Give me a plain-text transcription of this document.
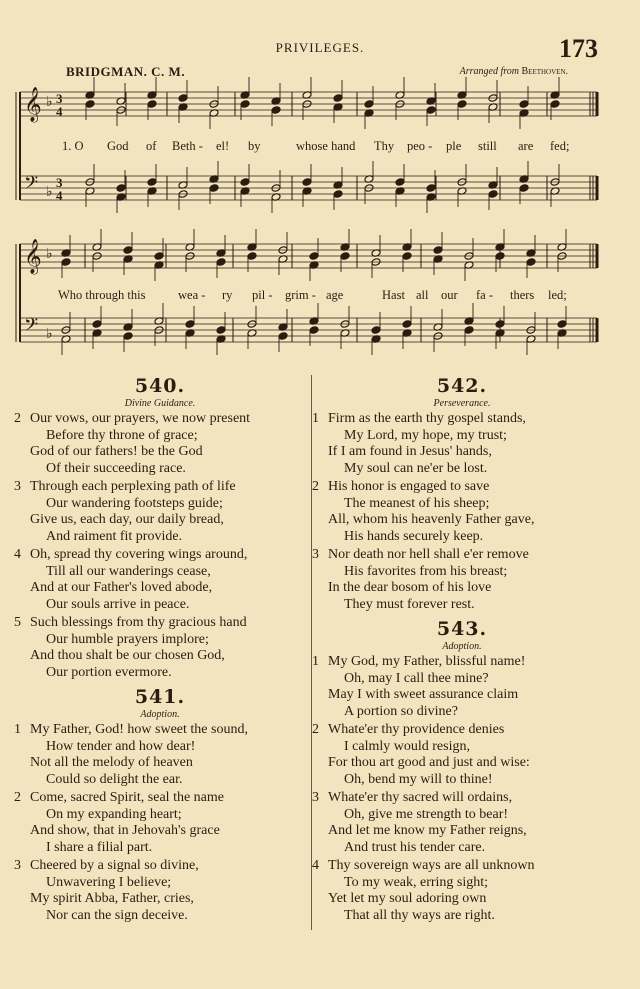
PRIVILEGES.	173
BRIDGMAN. C. M.	Arranged from Beethoven.
𝄞 ♭ 3
4
𝄢 ♭
3
4
𝄞 ♭
𝄢 ♭
1. O God of Beth - el! by	whose hand Thy peo - ple still are fed;
Who through this	wea - ry pil - grim - age	Hast all our fa - thers led;
540.
Divine Guidance.
2 Our vows, our prayers, we now present
Before thy throne of grace;
God of our fathers! be the God
Of their succeeding race.
3 Through each perplexing path of life
Our wandering footsteps guide;
Give us, each day, our daily bread,
And raiment fit provide.
4 Oh, spread thy covering wings around,
Till all our wanderings cease,
And at our Father's loved abode,
Our souls arrive in peace.
5 Such blessings from thy gracious hand
Our humble prayers implore;
And thou shalt be our chosen God,
Our portion evermore.
541.
Adoption.
1 My Father, God! how sweet the sound,
How tender and how dear!
Not all the melody of heaven
Could so delight the ear.
2 Come, sacred Spirit, seal the name
On my expanding heart;
And show, that in Jehovah's grace
I share a filial part.
3 Cheered by a signal so divine,
Unwavering I believe;
My spirit Abba, Father, cries,
Nor can the sign deceive.
542.
Perseverance.
1 Firm as the earth thy gospel stands,
My Lord, my hope, my trust;
If I am found in Jesus' hands,
My soul can ne'er be lost.
2 His honor is engaged to save
The meanest of his sheep;
All, whom his heavenly Father gave,
His hands securely keep.
3 Nor death nor hell shall e'er remove
His favorites from his breast;
In the dear bosom of his love
They must forever rest.
543.
Adoption.
1 My God, my Father, blissful name!
Oh, may I call thee mine?
May I with sweet assurance claim
A portion so divine?
2 Whate'er thy providence denies
I calmly would resign,
For thou art good and just and wise:
Oh, bend my will to thine!
3 Whate'er thy sacred will ordains,
Oh, give me strength to bear!
And let me know my Father reigns,
And trust his tender care.
4 Thy sovereign ways are all unknown
To my weak, erring sight;
Yet let my soul adoring own
That all thy ways are right.
